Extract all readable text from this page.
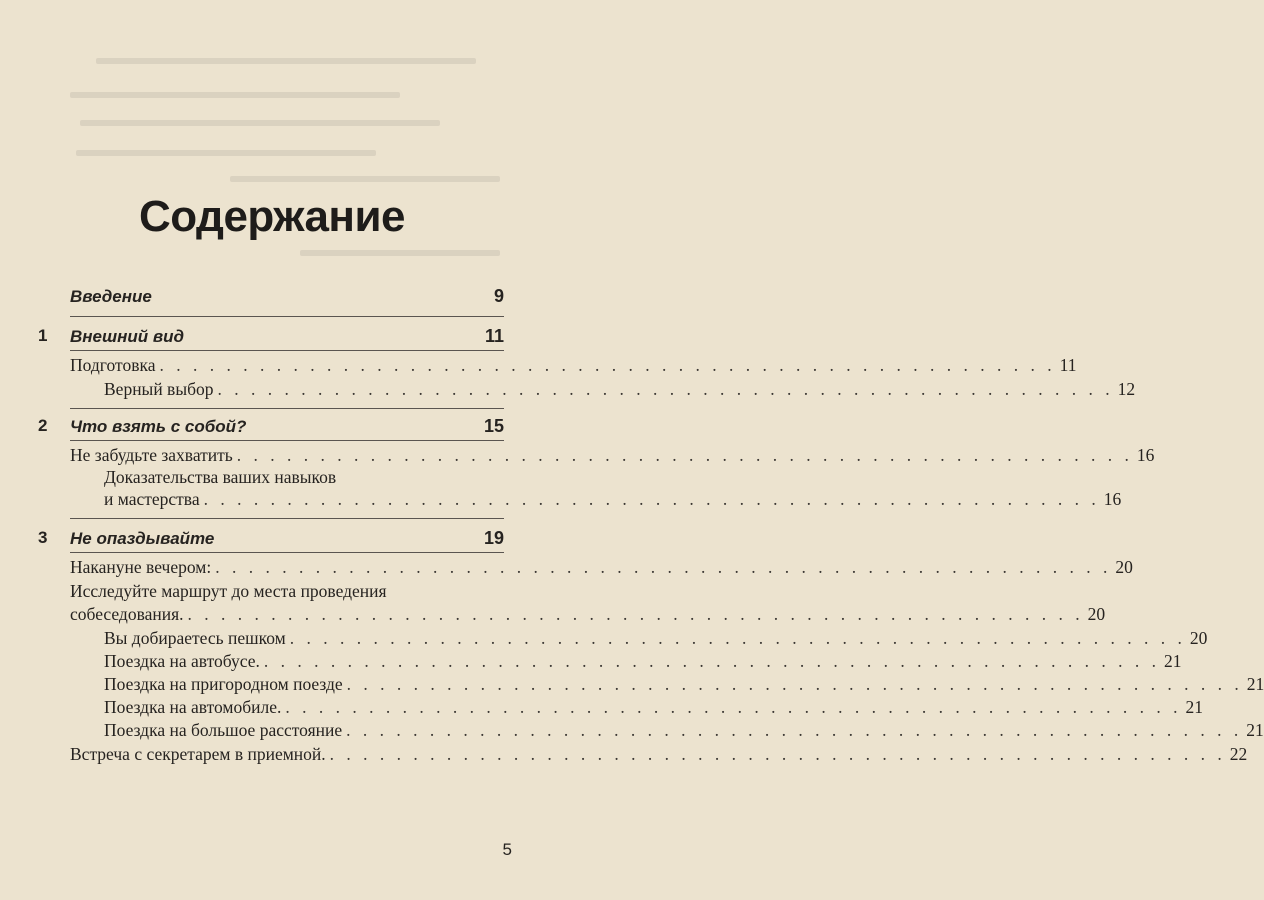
Содержание
Введение	9
1 Внешний вид	11
Подготовка . . . . . . . . . . . . . . . . . . . . . . . . . . . . . . . . . . . . . . . . . . . . . . . . . . . . . . 11
Верный выбор . . . . . . . . . . . . . . . . . . . . . . . . . . . . . . . . . . . . . . . . . . . . . . . . . . . . . . 12
2 Что взять с собой?	15
Не забудьте захватить . . . . . . . . . . . . . . . . . . . . . . . . . . . . . . . . . . . . . . . . . . . . . . . . . . . . . . 16
Доказательства ваших навыков
и мастерства . . . . . . . . . . . . . . . . . . . . . . . . . . . . . . . . . . . . . . . . . . . . . . . . . . . . . . 16
3 Не опаздывайте	19
Накануне вечером: . . . . . . . . . . . . . . . . . . . . . . . . . . . . . . . . . . . . . . . . . . . . . . . . . . . . . . 20
Исследуйте маршрут до места проведения
собеседования. . . . . . . . . . . . . . . . . . . . . . . . . . . . . . . . . . . . . . . . . . . . . . . . . . . . . . . 20
Вы добираетесь пешком . . . . . . . . . . . . . . . . . . . . . . . . . . . . . . . . . . . . . . . . . . . . . . . . . . . . . . 20
Поездка на автобусе. . . . . . . . . . . . . . . . . . . . . . . . . . . . . . . . . . . . . . . . . . . . . . . . . . . . . . . 21
Поездка на пригородном поезде . . . . . . . . . . . . . . . . . . . . . . . . . . . . . . . . . . . . . . . . . . . . . . . . . . . . . . 21
Поездка на автомобиле. . . . . . . . . . . . . . . . . . . . . . . . . . . . . . . . . . . . . . . . . . . . . . . . . . . . . . . 21
Поездка на большое расстояние . . . . . . . . . . . . . . . . . . . . . . . . . . . . . . . . . . . . . . . . . . . . . . . . . . . . . . 21
Встреча с секретарем в приемной. . . . . . . . . . . . . . . . . . . . . . . . . . . . . . . . . . . . . . . . . . . . . . . . . . . . . . . 22
5
